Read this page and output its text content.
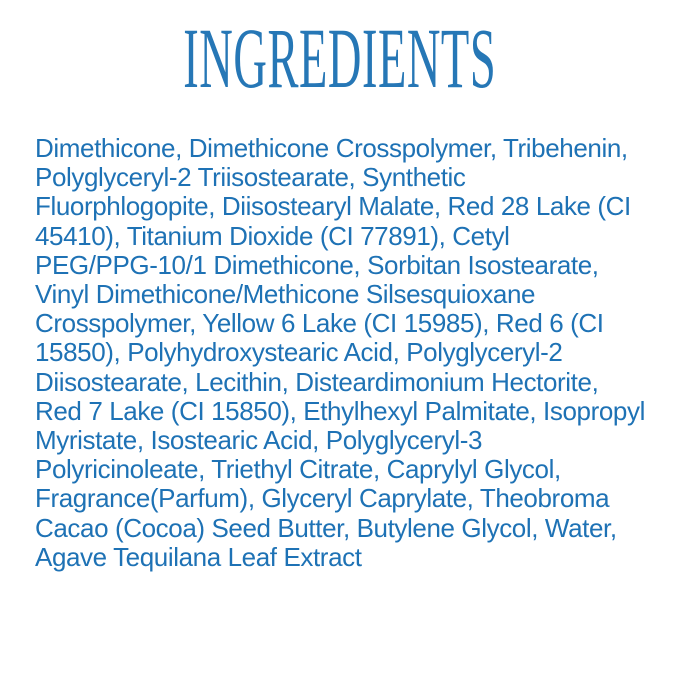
INGREDIENTS
Dimethicone, Dimethicone Crosspolymer, Tribehenin,
Polyglyceryl-2 Triisostearate, Synthetic
Fluorphlogopite, Diisostearyl Malate, Red 28 Lake (CI
45410), Titanium Dioxide (CI 77891), Cetyl
PEG/PPG-10/1 Dimethicone, Sorbitan Isostearate,
Vinyl Dimethicone/Methicone Silsesquioxane
Crosspolymer, Yellow 6 Lake (CI 15985), Red 6 (CI
15850), Polyhydroxystearic Acid, Polyglyceryl-2
Diisostearate, Lecithin, Disteardimonium Hectorite,
Red 7 Lake (CI 15850), Ethylhexyl Palmitate, Isopropyl
Myristate, Isostearic Acid, Polyglyceryl-3
Polyricinoleate, Triethyl Citrate, Caprylyl Glycol,
Fragrance(Parfum), Glyceryl Caprylate, Theobroma
Cacao (Cocoa) Seed Butter, Butylene Glycol, Water,
Agave Tequilana Leaf Extract
